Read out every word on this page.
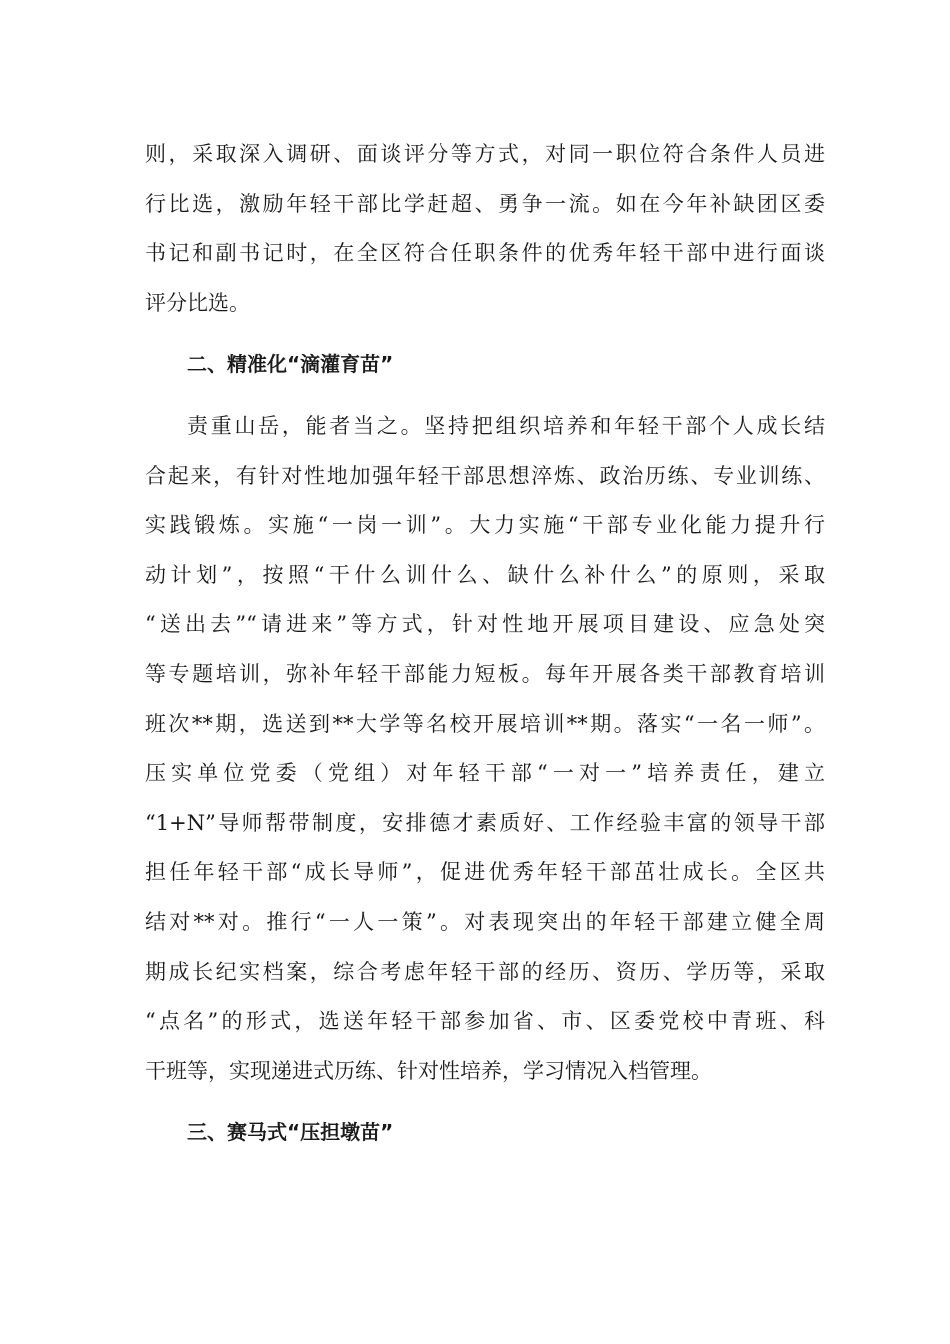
则，采取深入调研、面谈评分等方式，对同一职位符合条件人员进
行比选，激励年轻干部比学赶超、勇争一流。如在今年补缺团区委
书记和副书记时，在全区符合任职条件的优秀年轻干部中进行面谈
评分比选。
二、精准化“滴灌育苗”
责重山岳，能者当之。坚持把组织培养和年轻干部个人成长结
合起来，有针对性地加强年轻干部思想淬炼、政治历练、专业训练、
实践锻炼。实施“一岗一训”。大力实施“干部专业化能力提升行
动计划”，按照“干什么训什么、缺什么补什么”的原则，采取
“送出去”“请进来”等方式，针对性地开展项目建设、应急处突
等专题培训，弥补年轻干部能力短板。每年开展各类干部教育培训
班次**期，选送到**大学等名校开展培训**期。落实“一名一师”。
压实单位党委（党组）对年轻干部“一对一”培养责任，建立
“1+N”导师帮带制度，安排德才素质好、工作经验丰富的领导干部
担任年轻干部“成长导师”，促进优秀年轻干部茁壮成长。全区共
结对**对。推行“一人一策”。对表现突出的年轻干部建立健全周
期成长纪实档案，综合考虑年轻干部的经历、资历、学历等，采取
“点名”的形式，选送年轻干部参加省、市、区委党校中青班、科
干班等，实现递进式历练、针对性培养，学习情况入档管理。
三、赛马式“压担墩苗”
